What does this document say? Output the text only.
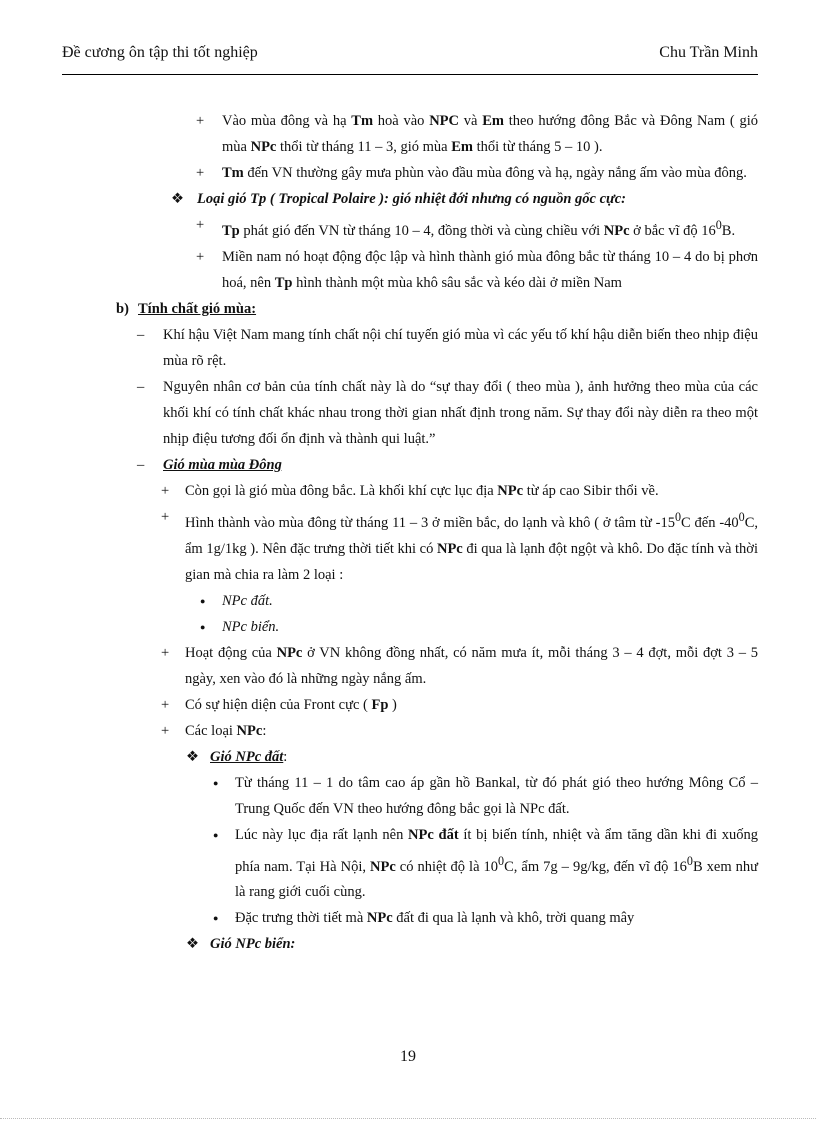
Đề cương ôn tập thi tốt nghiệp	Chu Trần Minh
+ Vào mùa đông và hạ Tm hoà vào NPC và Em theo hướng đông Bắc và Đông Nam ( gió mùa NPc thổi từ tháng 11 – 3, gió mùa Em thổi từ tháng 5 – 10 ).
+ Tm đến VN thường gây mưa phùn vào đầu mùa đông và hạ, ngày nắng ấm vào mùa đông.
❖ Loại gió Tp ( Tropical Polaire ): gió nhiệt đới nhưng có nguồn gốc cực:
+ Tp phát gió đến VN từ tháng 10 – 4, đồng thời và cùng chiều với NPc ở bắc vĩ độ $16^0B$.
+ Miền nam nó hoạt động độc lập và hình thành gió mùa đông bắc từ tháng 10 – 4 do bị phơn hoá, nên Tp hình thành một mùa khô sâu sắc và kéo dài ở miền Nam
b) Tính chất gió mùa:
– Khí hậu Việt Nam mang tính chất nội chí tuyến gió mùa vì các yếu tố khí hậu diễn biến theo nhịp điệu mùa rõ rệt.
– Nguyên nhân cơ bản của tính chất này là do “sự thay đổi ( theo mùa ), ảnh hưởng theo mùa của các khối khí có tính chất khác nhau trong thời gian nhất định trong năm. Sự thay đổi này diễn ra theo một nhịp điệu tương đối ổn định và thành qui luật.”
– Gió mùa mùa Đông
+ Còn gọi là gió mùa đông bắc. Là khối khí cực lục địa NPc từ áp cao Sibir thổi về.
+ Hình thành vào mùa đông từ tháng 11 – 3 ở miền bắc, do lạnh và khô ( ở tâm từ $-15^0C$ đến $-40^0C$, ẩm 1g/1kg ). Nên đặc trưng thời tiết khi có NPc đi qua là lạnh đột ngột và khô. Do đặc tính và thời gian mà chia ra làm 2 loại :
● NPc đất.
● NPc biển.
+ Hoạt động của NPc ở VN không đồng nhất, có năm mưa ít, mỗi tháng 3 – 4 đợt, mỗi đợt 3 – 5 ngày, xen vào đó là những ngày nắng ấm.
+ Có sự hiện diện của Front cực ( Fp )
+ Các loại NPc:
❖ Gió NPc đất:
● Từ tháng 11 – 1 do tâm cao áp gần hồ Bankal, từ đó phát gió theo hướng Mông Cổ – Trung Quốc đến VN theo hướng đông bắc gọi là NPc đất.
● Lúc này lục địa rất lạnh nên NPc đất ít bị biến tính, nhiệt và ẩm tăng dần khi đi xuống phía nam. Tại Hà Nội, NPc có nhiệt độ là $10^0C$, ẩm 7g – 9g/kg, đến vĩ độ $16^0B$ xem như là rang giới cuối cùng.
● Đặc trưng thời tiết mà NPc đất đi qua là lạnh và khô, trời quang mây
❖ Gió NPc biển:
19
